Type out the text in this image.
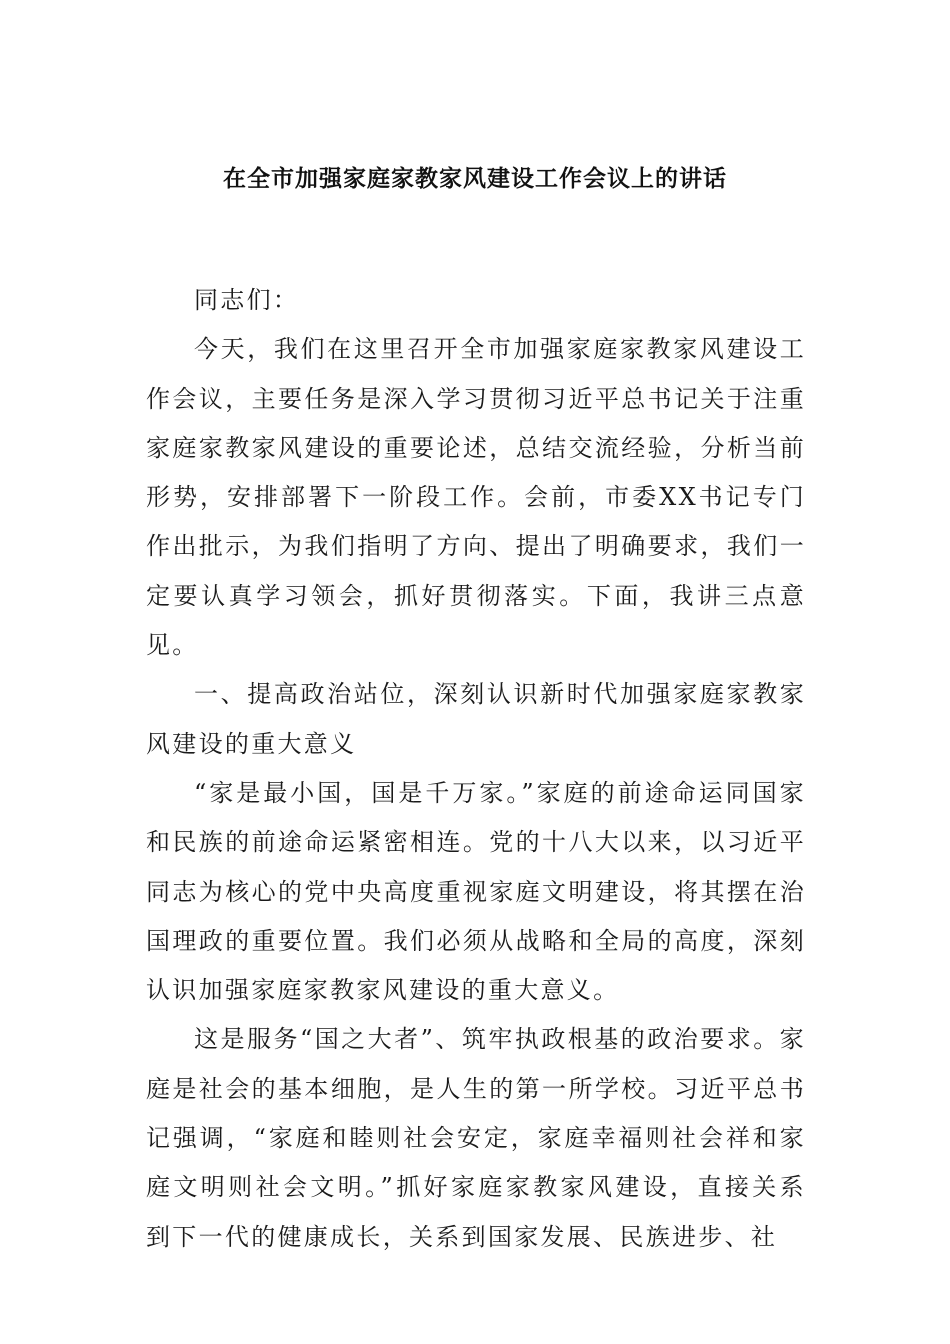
在全市加强家庭家教家风建设工作会议上的讲话

同志们：

今天，我们在这里召开全市加强家庭家教家风建设工作会议，主要任务是深入学习贯彻习近平总书记关于注重家庭家教家风建设的重要论述，总结交流经验，分析当前形势，安排部署下一阶段工作。会前，市委XX书记专门作出批示，为我们指明了方向、提出了明确要求，我们一定要认真学习领会，抓好贯彻落实。下面，我讲三点意见。

一、提高政治站位，深刻认识新时代加强家庭家教家风建设的重大意义

“家是最小国，国是千万家。”家庭的前途命运同国家和民族的前途命运紧密相连。党的十八大以来，以习近平同志为核心的党中央高度重视家庭文明建设，将其摆在治国理政的重要位置。我们必须从战略和全局的高度，深刻认识加强家庭家教家风建设的重大意义。

这是服务“国之大者”、筑牢执政根基的政治要求。家庭是社会的基本细胞，是人生的第一所学校。习近平总书记强调，“家庭和睦则社会安定，家庭幸福则社会祥和家庭文明则社会文明。”抓好家庭家教家风建设，直接关系到下一代的健康成长，关系到国家发展、民族进步、社
